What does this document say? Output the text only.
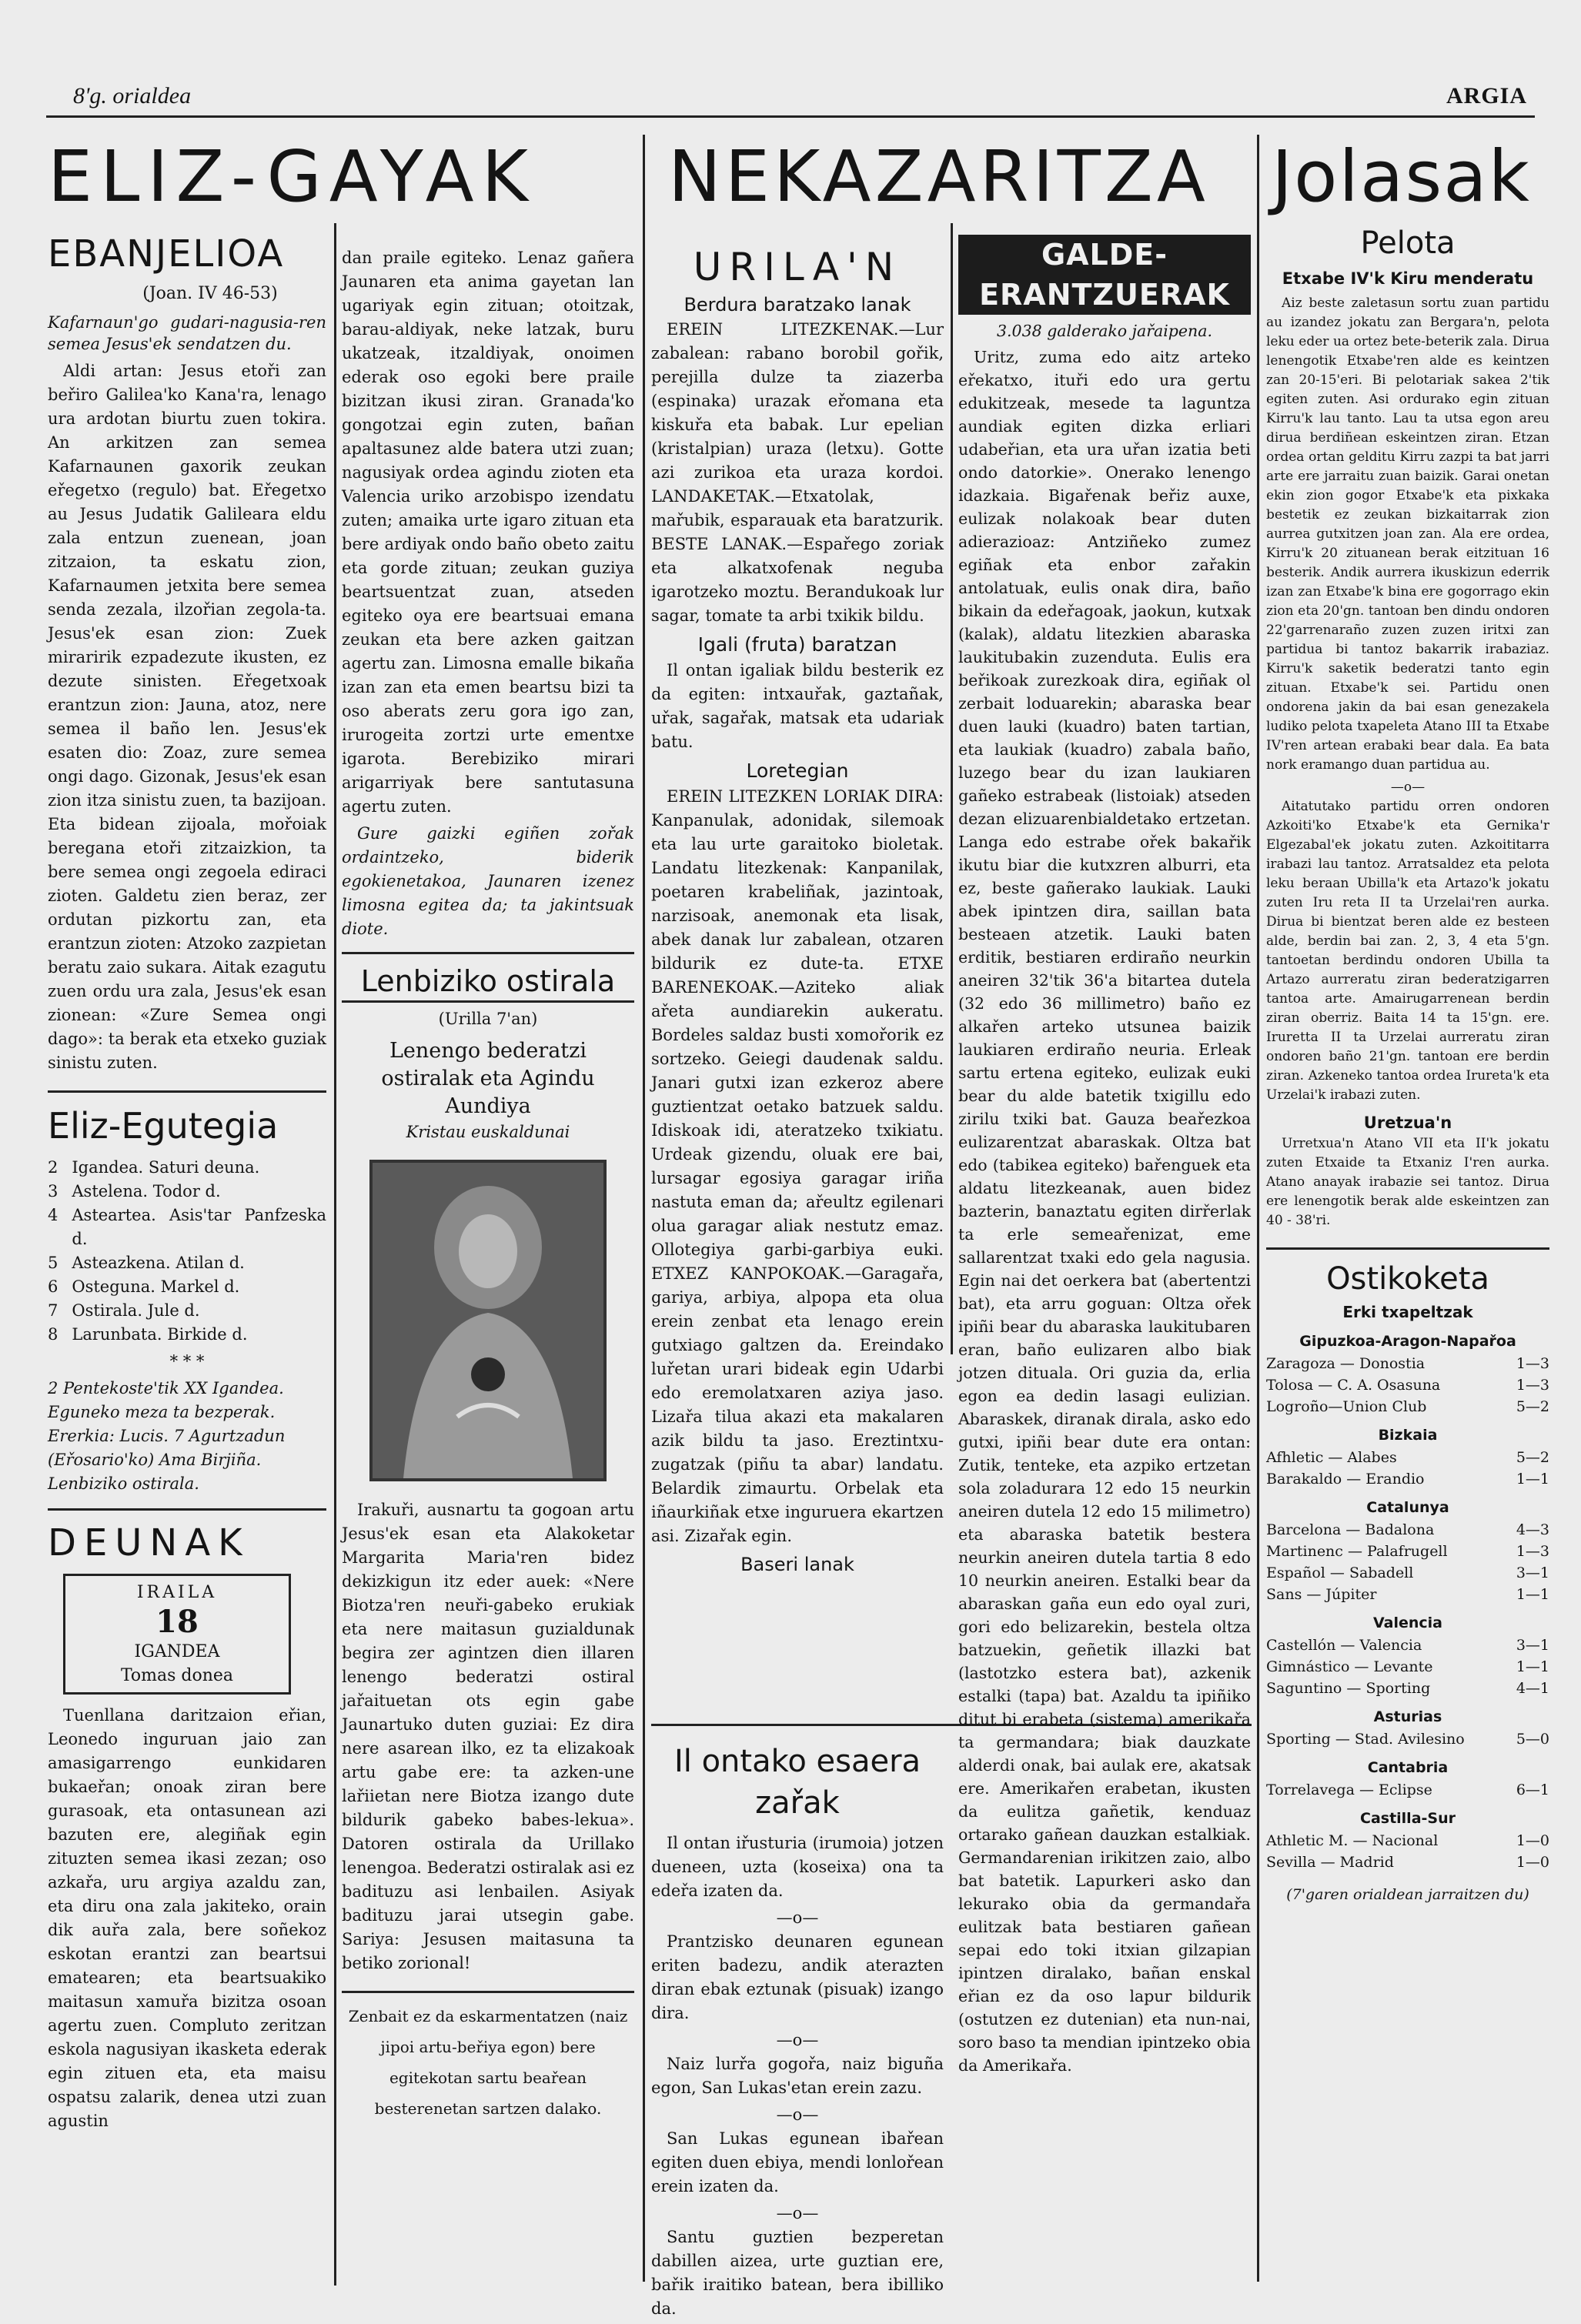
8'g. orialdea	ARGIA
ELIZ-GAYAK	NEKAZARITZA Jolasak
EBANJELIOA
(Joan. IV 46-53)
Kafarnaun'go gudari-nagusia-ren semea Jesus'ek sendatzen du.

Aldi artan: Jesus etoři zan beřiro Galilea'ko Kana'ra, lenago ura ardotan biurtu zuen tokira. An arkitzen zan semea Kafarnaunen gaxorik zeukan eřegetxo (regulo) bat. Eřegetxo au Jesus Judatik Galileara eldu zala entzun zuenean, joan zitzaion, ta eskatu zion, Kafarnaumen jetxita bere semea senda zezala, ilzořian zegola-ta. Jesus'ek esan zion: Zuek miraririk ezpadezute ikusten, ez dezute sinisten. Eřegetxoak erantzun zion: Jauna, atoz, nere semea il baño len. Jesus'ek esaten dio: Zoaz, zure semea ongi dago. Gizonak, Jesus'ek esan zion itza sinistu zuen, ta bazijoan. Eta bidean zijoala, mořoiak beregana etoři zitzaizkion, ta bere semea ongi zegoela ediraci zioten. Galdetu zien beraz, zer ordutan pizkortu zan, eta erantzun zioten: Atzoko zazpietan beratu zaio sukara. Aitak ezagutu zuen ordu ura zala, Jesus'ek esan zionean: «Zure Semea ongi dago»: ta berak eta etxeko guziak sinistu zuten.

Eliz-Egutegia
2 Igandea. Saturi deuna.
3 Astelena. Todor d.
4 Asteartea. Asis'tar Panfzeska d.
5 Asteazkena. Atilan d.
6 Osteguna. Markel d.
7 Ostirala. Jule d.
8 Larunbata. Birkide d.
* * *
2 Pentekoste'tik XX Igandea. Eguneko meza ta bezperak. Ererkia: Lucis. 7 Agurtzadun (Eřosario'ko) Ama Birjiña. Lenbiziko ostirala.
DEUNAK
IRAILA
18
IGANDEA
Tomas donea

Tuenllana daritzaion eřian, Leonedo inguruan jaio zan amasigarrengo eunkidaren bukaeřan; onoak ziran bere gurasoak, eta ontasunean azi bazuten ere, alegiñak egin zituzten semea ikasi zezan; oso azkařa, uru argiya azaldu zan, eta diru ona zala jakiteko, orain dik auřa zala, bere soñekoz eskotan erantzi zan beartsui ematearen; eta beartsuakiko maitasun xamuřa bizitza osoan agertu zuen. Compluto zeritzan eskola nagusiyan ikasketa ederak egin zituen eta, eta maisu ospatsu zalarik, denea utzi zuan agustin

dan praile egiteko. Lenaz gañera Jaunaren eta anima gayetan lan ugariyak egin zituan; otoitzak, barau-aldiyak, neke latzak, buru ukatzeak, itzaldiyak, onoimen ederak oso egoki bere praile bizitzan ikusi ziran. Granada'ko gongotzai egin zuten, bañan apaltasunez alde batera utzi zuan; nagusiyak ordea agindu zioten eta Valencia uriko arzobispo izendatu zuten; amaika urte igaro zituan eta bere ardiyak ondo baño obeto zaitu eta gorde zituan; zeukan guziya beartsuentzat zuan, atseden egiteko oya ere beartsuai emana zeukan eta bere azken gaitzan agertu zan. Limosna emalle bikaña izan zan eta emen beartsu bizi ta oso aberats zeru gora igo zan, irurogeita zortzi urte ementxe igarota. Berebiziko mirari arigarriyak bere santutasuna agertu zuten.

Gure gaizki egiñen zořak ordaintzeko, biderik egokienetakoa, Jaunaren izenez limosna egitea da; ta jakintsuak diote.

Lenbiziko ostirala
(Urilla 7'an)
Lenengo bederatzi ostiralak eta Agindu Aundiya
Kristau euskaldunai

Irakuři, ausnartu ta gogoan artu Jesus'ek esan eta Alakoketar Margarita Maria'ren bidez dekizkigun itz eder auek: «Nere Biotza'ren neuři-gabeko erukiak eta nere maitasun guzialdunak begira zer agintzen dien illaren lenengo bederatzi ostiral jařaituetan ots egin gabe Jaunartuko duten guziai: Ez dira nere asarean ilko, ez ta elizakoak artu gabe ere: ta azken-une lařiietan nere Biotza izango dute bildurik gabeko babes-lekua». Datoren ostirala da Urillako lenengoa. Bederatzi ostiralak asi ez badituzu asi lenbailen. Asiyak badituzu jarai utsegin gabe. Sariya: Jesusen maitasuna ta betiko zorional!

Zenbait ez da eskarmentatzen (naiz jipoi artu-beřiya egon) bere egitekotan sartu beařean besterenetan sartzen dalako.
URILA'N
Berdura baratzako lanak

EREIN LITEZKENAK.—Lur zabalean: rabano borobil gořik, perejilla dulze ta ziazerba (espinaka) urazak eřomana eta kiskuřa eta babak. Lur epelian (kristalpian) uraza (letxu). Gotte azi zurikoa eta uraza kordoi. LANDAKETAK.—Etxatolak, mařubik, esparauak eta baratzurik. BESTE LANAK.—Espařego zoriak eta alkatxofenak neguba igarotzeko moztu. Berandukoak lur sagar, tomate ta arbi txikik bildu.

Igali (fruta) baratzan

Il ontan igaliak bildu besterik ez da egiten: intxauřak, gaztañak, uřak, sagařak, matsak eta udariak batu.

Loretegian

EREIN LITEZKEN LORIAK DIRA: Kanpanulak, adonidak, silemoak eta lau urte garaitoko bioletak. Landatu litezkenak: Kanpanilak, poetaren krabeliñak, jazintoak, narzisoak, anemonak eta lisak, abek danak lur zabalean, otzaren bildurik ez dute-ta. ETXE BARENEKOAK.—Aziteko aliak ařeta aundiarekin aukeratu. Bordeles saldaz busti xomořorik ez sortzeko. Geiegi daudenak saldu. Janari gutxi izan ezkeroz abere guztientzat oetako batzuek saldu. Idiskoak idi, ateratzeko txikiatu. Urdeak gizendu, oluak ere bai, lursagar egosiya garagar iriña nastuta eman da; ařeultz egilenari olua garagar aliak nestutz emaz. Ollotegiya garbi-garbiya euki. ETXEZ KANPOKOAK.—Garagařa, gariya, arbiya, alpopa eta olua erein zenbat eta lenago erein gutxiago galtzen da. Ereindako luřetan urari bideak egin Udarbi edo eremolatxaren aziya jaso. Lizařa tilua akazi eta makalaren azik bildu ta jaso. Ereztintxu-zugatzak (piñu ta abar) landatu. Belardik zimaurtu. Orbelak eta iñaurkiñak etxe inguruera ekartzen asi. Zizařak egin.

Baseri lanak
Il ontako esaera zařak

Il ontan iřusturia (irumoia) jotzen dueneen, uzta (koseixa) ona ta edeřa izaten da.

—o—

Prantzisko deunaren egunean eriten badezu, andik aterazten diran ebak eztunak (pisuak) izango dira.

—o—

Naiz lurřa gogořa, naiz biguña egon, San Lukas'etan erein zazu.

—o—

San Lukas egunean ibařean egiten duen ebiya, mendi lonlořean erein izaten da.

—o—

Santu guztien bezperetan dabillen aizea, urte guztian ere, bařik iraitiko batean, bera ibilliko da.

GALDE-ERANTZUERAK
3.038 galderako jařaipena.

Uritz, zuma edo aitz arteko eřekatxo, ituři edo ura gertu edukitzeak, mesede ta laguntza aundiak egiten dizka erliari udabeřian, eta ura uřan izatia beti ondo datorkie». Onerako lenengo idazkaia. Bigařenak beřiz auxe, eulizak nolakoak bear duten adierazioaz: Antziñeko zumez egiñak eta enbor zařakin antolatuak, eulis onak dira, baño bikain da edeřagoak, jaokun, kutxak (kalak), aldatu litezkien abaraska laukitubakin zuzenduta. Eulis era beřikoak zurezkoak dira, egiñak ol zerbait loduarekin; abaraska bear duen lauki (kuadro) baten tartian, eta laukiak (kuadro) zabala baño, luzego bear du izan laukiaren gañeko estrabeak (listoiak) atseden dezan elizuarenbialdetako ertzetan. Langa edo estrabe ořek bakařik ikutu biar die kutxzren alburri, eta ez, beste gañerako laukiak. Lauki abek ipintzen dira, saillan bata besteaen atzetik. Lauki baten erditik, bestiaren erdiraño neurkin aneiren 32'tik 36'a bitartea dutela (32 edo 36 millimetro) baño ez alkařen arteko utsunea baizik laukiaren erdiraño neuria. Erleak sartu ertena egiteko, eulizak euki bear du alde batetik txigillu edo zirilu txiki bat. Gauza beařezkoa eulizarentzat abaraskak. Oltza bat edo (tabikea egiteko) bařenguek eta aldatu litezkeanak, auen bidez bazterin, banaztatu egiten dirřerlak ta erle semeařenizat, eme sallarentzat txaki edo gela nagusia. Egin nai det oerkera bat (abertentzi bat), eta arru goguan: Oltza ořek ipiñi bear du abaraska laukitubaren eran, baño eulizaren albo biak jotzen dituala. Ori guzia da, erlia egon ea dedin lasagi eulizian. Abaraskek, diranak dirala, asko edo gutxi, ipiñi bear dute era ontan: Zutik, tenteke, eta azpiko ertzetan sola zoladurara 12 edo 15 neurkin aneiren dutela 12 edo 15 milimetro) eta abaraska batetik bestera neurkin aneiren dutela tartia 8 edo 10 neurkin aneiren. Estalki bear da abaraskan gaña eun edo oyal zuri, gori edo belizarekin, bestela oltza batzuekin, geñetik illazki bat (lastotzko estera bat), azkenik estalki (tapa) bat. Azaldu ta ipiñiko ditut bi erabeta (sistema) amerikařa ta germandara; biak dauzkate alderdi onak, bai aulak ere, akatsak ere. Amerikařen erabetan, ikusten da eulitza gañetik, kenduaz ortarako gañean dauzkan estalkiak. Germandarenian irikitzen zaio, albo bat batetik. Lapurkeri asko dan lekurako obia da germandařa eulitzak bata bestiaren gañean sepai edo toki itxian gilzapian ipintzen diralako, bañan enskal eřian ez da oso lapur bildurik (ostutzen ez dutenian) eta nun-nai, soro baso ta mendian ipintzeko obia da Amerikařa.

Pelota
Etxabe IV'k Kiru menderatu

Aiz beste zaletasun sortu zuan partidu au izandez jokatu zan Bergara'n, pelota leku eder ua ortez bete-beterik zala. Dirua lenengotik Etxabe'ren alde es keintzen zan 20-15'eri. Bi pelotariak sakea 2'tik egiten zuten. Asi ordurako egin zituan Kirru'k lau tanto. Lau ta utsa egon areu dirua berdiñean eskeintzen ziran. Etzan ordea ortan gelditu Kirru zazpi ta bat jarri arte ere jarraitu zuan baizik. Garai onetan ekin zion gogor Etxabe'k eta pixkaka bestetik ez zeukan bizkaitarrak zion aurrea gutxitzen joan zan. Ala ere ordea, Kirru'k 20 zituanean berak eitzituan 16 besterik. Andik aurrera ikuskizun ederrik izan zan Etxabe'k bina ere gogorrago ekin zion eta 20'gn. tantoan ben dindu ondoren 22'garrenaraño zuzen zuzen iritxi zan partidua bi tantoz bakarrik irabaziaz. Kirru'k saketik bederatzi tanto egin zituan. Etxabe'k sei. Partidu onen ondorena jakin da bai esan genezakela ludiko pelota txapeleta Atano III ta Etxabe IV'ren artean erabaki bear dala. Ea bata nork eramango duan partidua au.

—o—

Aitatutako partidu orren ondoren Azkoiti'ko Etxabe'k eta Gernika'r Elgezabal'ek jokatu zuten. Azkoititarra irabazi lau tantoz. Arratsaldez eta pelota leku beraan Ubilla'k eta Artazo'k jokatu zuten Iru reta II ta Urzelai'ren aurka. Dirua bi bientzat beren alde ez besteen alde, berdin bai zan. 2, 3, 4 eta 5'gn. tantoetan berdindu ondoren Ubilla ta Artazo aurreratu ziran bederatzigarren tantoa arte. Amairugarrenean berdin ziran oberriz. Baita 14 ta 15'gn. ere. Iruretta II ta Urzelai aurreratu ziran ondoren baño 21'gn. tantoan ere berdin ziran. Azkeneko tantoa ordea Irureta'k eta Urzelai'k irabazi zuten.

Uretzua'n

Urretxua'n Atano VII eta II'k jokatu zuten Etxaide ta Etxaniz I'ren aurka. Atano anayak irabazie sei tantoz. Dirua ere lenengotik berak alde eskeintzen zan 40 - 38'ri.

Ostikoketa
Erki txapeltzak
Gipuzkoa-Aragon-Napařoa
Zaragoza — Donostia	1—3
Tolosa — C. A. Osasuna	1—3
Logroño—Union Club	5—2
Bizkaia
Afhletic — Alabes	5—2
Barakaldo — Erandio	1—1
Catalunya
Barcelona — Badalona	4—3
Martinenc — Palafrugell	1—3
Español — Sabadell	3—1
Sans — Júpiter	1—1
Valencia
Castellón — Valencia	3—1
Gimnástico — Levante	1—1
Saguntino — Sporting	4—1
Asturias
Sporting — Stad. Avilesino	5—0
Cantabria
Torrelavega — Eclipse	6—1
Castilla-Sur
Athletic M. — Nacional	1—0
Sevilla — Madrid	1—0
(7'garen orialdean jarraitzen du)
